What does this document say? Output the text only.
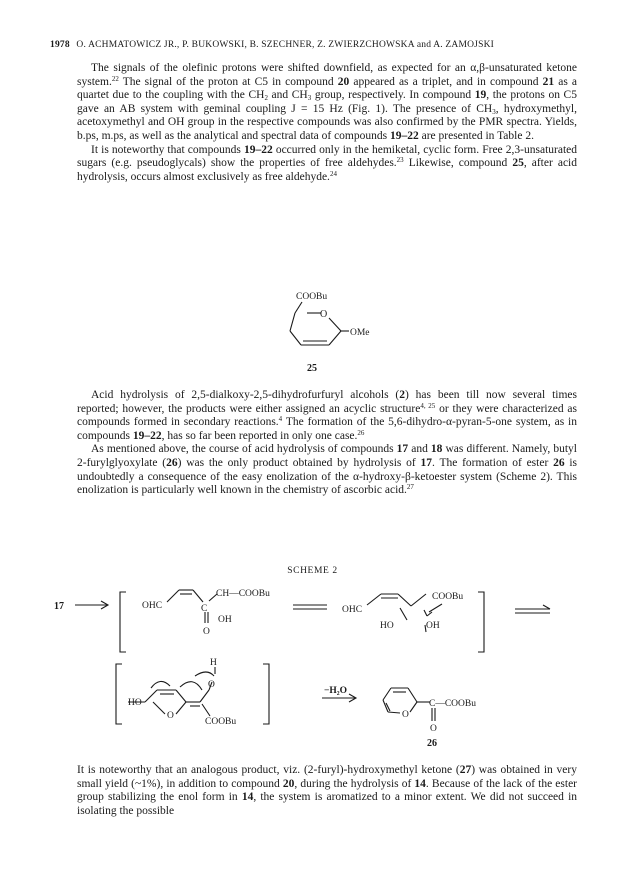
1978 O. ACHMATOWICZ JR., P. BUKOWSKI, B. SZECHNER, Z. ZWIERZCHOWSKA and A. ZAMOJSKI

The signals of the olefinic protons were shifted downfield, as expected for an α,β-unsaturated ketone system.$^{22}$ The signal of the proton at C5 in compound 20 appeared as a triplet, and in compound 21 as a quartet due to the coupling with the $CH_2$ and $CH_3$ group, respectively. In compound 19, the protons on C5 gave an AB system with geminal coupling J = 15 Hz (Fig. 1). The presence of $CH_3$, hydroxymethyl, acetoxymethyl and OH group in the respective compounds was also confirmed by the PMR spectra. Yields, b.ps, m.ps, as well as the analytical and spectral data of compounds 19–22 are presented in Table 2.

It is noteworthy that compounds 19–22 occurred only in the hemiketal, cyclic form. Free 2,3-unsaturated sugars (e.g. pseudoglycals) show the properties of free aldehydes.$^{23}$ Likewise, compound 25, after acid hydrolysis, occurs almost exclusively as free aldehyde.$^{24}$

COOBu
O
OMe
25

Acid hydrolysis of 2,5-dialkoxy-2,5-dihydrofurfuryl alcohols (2) has been till now several times reported; however, the products were either assigned an acyclic structure$^{4, 25}$ or they were characterized as compounds formed in secondary reactions.$^4$ The formation of the 5,6-dihydro-α-pyran-5-one system, as in compounds 19–22, has so far been reported in only one case.$^{26}$

As mentioned above, the course of acid hydrolysis of compounds 17 and 18 was different. Namely, butyl 2-furylglyoxylate (26) was the only product obtained by hydrolysis of 17. The formation of ester 26 is undoubtedly a consequence of the easy enolization of the α-hydroxy-β-ketoester system (Scheme 2). This enolization is particularly well known in the chemistry of ascorbic acid.$^{27}$

SCHEME 2
17	OHC
CH—COOBu
C
OH
O
OHC
COOBu
HO	OH
H
O
HO
O
COOBu
−H₂O
O
C—COOBu
O
26

It is noteworthy that an analogous product, viz. (2-furyl)-hydroxymethyl ketone (27) was obtained in very small yield (~1%), in addition to compound 20, during the hydrolysis of 14. Because of the lack of the ester group stabilizing the enol form in 14, the system is aromatized to a minor extent. We did not succeed in isolating the possible
